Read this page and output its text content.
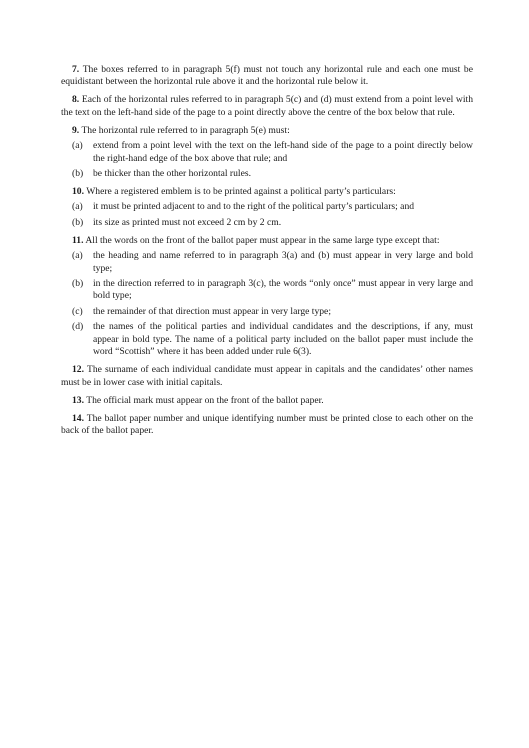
7. The boxes referred to in paragraph 5(f) must not touch any horizontal rule and each one must be equidistant between the horizontal rule above it and the horizontal rule below it.

8. Each of the horizontal rules referred to in paragraph 5(c) and (d) must extend from a point level with the text on the left-hand side of the page to a point directly above the centre of the box below that rule.

9. The horizontal rule referred to in paragraph 5(e) must:

(a) extend from a point level with the text on the left-hand side of the page to a point directly below the right-hand edge of the box above that rule; and
(b) be thicker than the other horizontal rules.

10. Where a registered emblem is to be printed against a political party’s particulars:

(a) it must be printed adjacent to and to the right of the political party’s particulars; and
(b) its size as printed must not exceed 2 cm by 2 cm.

11. All the words on the front of the ballot paper must appear in the same large type except that:

(a) the heading and name referred to in paragraph 3(a) and (b) must appear in very large and bold type;
(b) in the direction referred to in paragraph 3(c), the words “only once” must appear in very large and bold type;
(c) the remainder of that direction must appear in very large type;
(d) the names of the political parties and individual candidates and the descriptions, if any, must appear in bold type. The name of a political party included on the ballot paper must include the word “Scottish” where it has been added under rule 6(3).

12. The surname of each individual candidate must appear in capitals and the candidates’ other names must be in lower case with initial capitals.

13. The official mark must appear on the front of the ballot paper.

14. The ballot paper number and unique identifying number must be printed close to each other on the back of the ballot paper.
